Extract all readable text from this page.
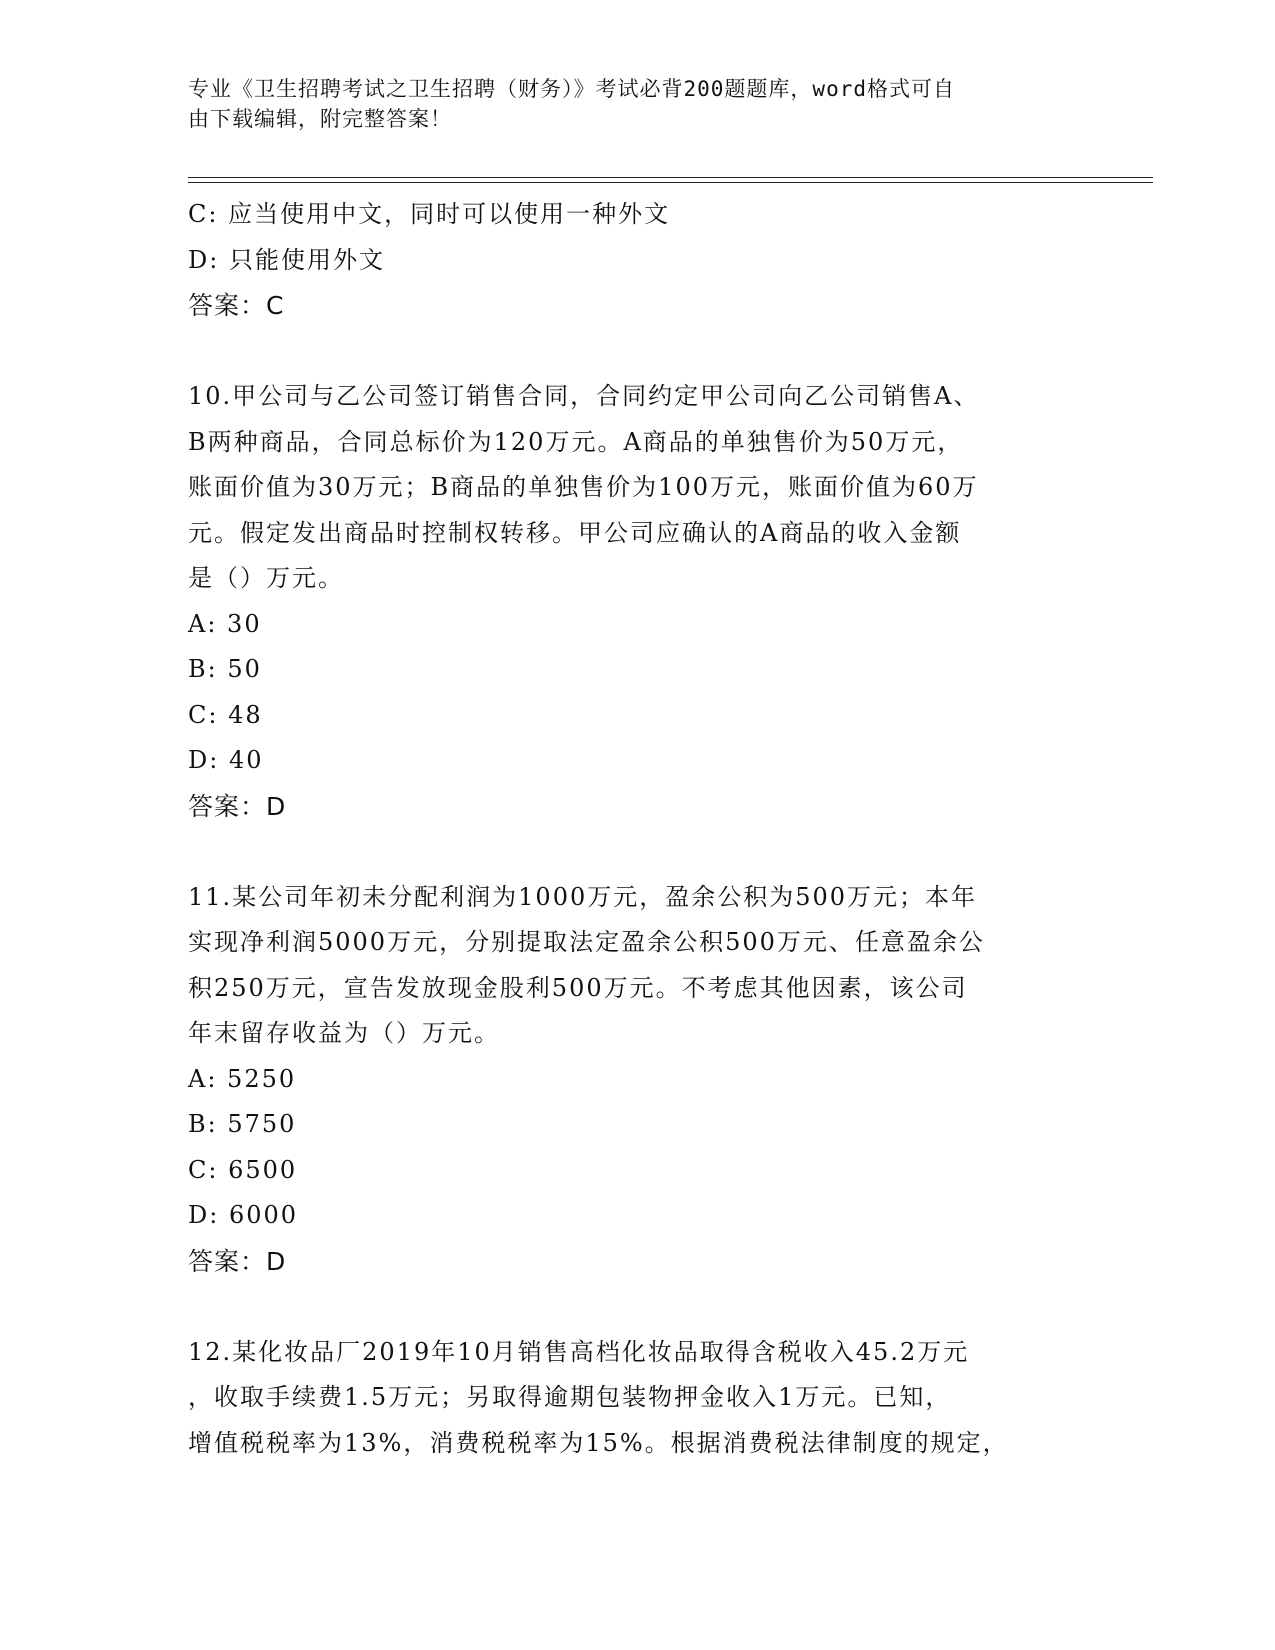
专业《卫生招聘考试之卫生招聘（财务）》考试必背200题题库，word格式可自
由下载编辑，附完整答案！
C: 应当使用中文，同时可以使用一种外文
D: 只能使用外文
答案：C
10.甲公司与乙公司签订销售合同，合同约定甲公司向乙公司销售A、
B两种商品，合同总标价为120万元。A商品的单独售价为50万元，
账面价值为30万元；B商品的单独售价为100万元，账面价值为60万
元。假定发出商品时控制权转移。甲公司应确认的A商品的收入金额
是（）万元。
A: 30
B: 50
C: 48
D: 40
答案：D
11.某公司年初未分配利润为1000万元，盈余公积为500万元；本年
实现净利润5000万元，分别提取法定盈余公积500万元、任意盈余公
积250万元，宣告发放现金股利500万元。不考虑其他因素，该公司
年末留存收益为（）万元。
A: 5250
B: 5750
C: 6500
D: 6000
答案：D
12.某化妆品厂2019年10月销售高档化妆品取得含税收入45.2万元
，收取手续费1.5万元；另取得逾期包装物押金收入1万元。已知，
增值税税率为13%，消费税税率为15%。根据消费税法律制度的规定，
